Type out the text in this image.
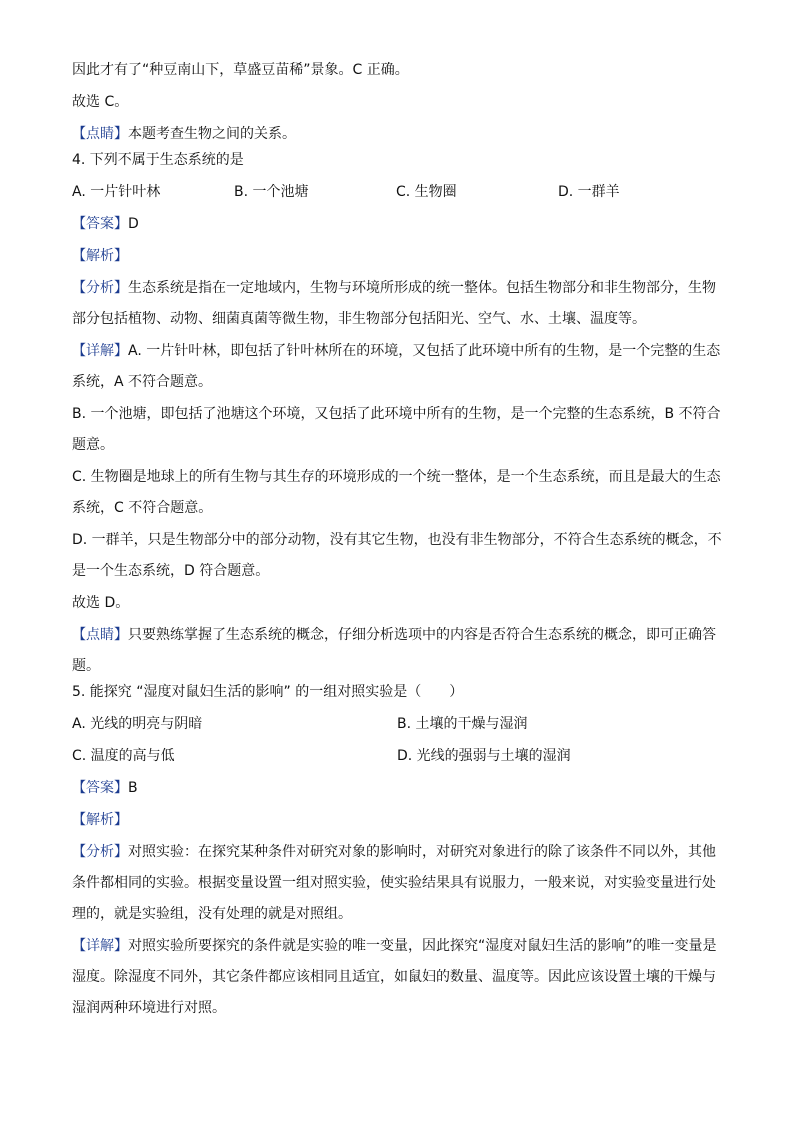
因此才有了“种豆南山下，草盛豆苗稀”景象。C 正确。

故选 C。

【点睛】本题考查生物之间的关系。

4. 下列不属于生态系统的是

A. 一片针叶林	B. 一个池塘	C. 生物圈	D. 一群羊

【答案】D

【解析】

【分析】生态系统是指在一定地域内，生物与环境所形成的统一整体。包括生物部分和非生物部分，生物

部分包括植物、动物、细菌真菌等微生物，非生物部分包括阳光、空气、水、土壤、温度等。

【详解】A. 一片针叶林，即包括了针叶林所在的环境，又包括了此环境中所有的生物，是一个完整的生态

系统，A 不符合题意。

B. 一个池塘，即包括了池塘这个环境，又包括了此环境中所有的生物，是一个完整的生态系统，B 不符合

题意。

C. 生物圈是地球上的所有生物与其生存的环境形成的一个统一整体，是一个生态系统，而且是最大的生态

系统，C 不符合题意。

D. 一群羊，只是生物部分中的部分动物，没有其它生物，也没有非生物部分，不符合生态系统的概念，不

是一个生态系统，D 符合题意。

故选 D。

【点睛】只要熟练掌握了生态系统的概念，仔细分析选项中的内容是否符合生态系统的概念，即可正确答

题。

5. 能探究 “湿度对鼠妇生活的影响” 的一组对照实验是（　　）

A. 光线的明亮与阴暗	B. 土壤的干燥与湿润
C. 温度的高与低	D. 光线的强弱与土壤的湿润

【答案】B

【解析】

【分析】对照实验：在探究某种条件对研究对象的影响时，对研究对象进行的除了该条件不同以外，其他

条件都相同的实验。根据变量设置一组对照实验，使实验结果具有说服力，一般来说，对实验变量进行处

理的，就是实验组，没有处理的就是对照组。

【详解】对照实验所要探究的条件就是实验的唯一变量，因此探究“湿度对鼠妇生活的影响”的唯一变量是

湿度。除湿度不同外，其它条件都应该相同且适宜，如鼠妇的数量、温度等。因此应该设置土壤的干燥与

湿润两种环境进行对照。
